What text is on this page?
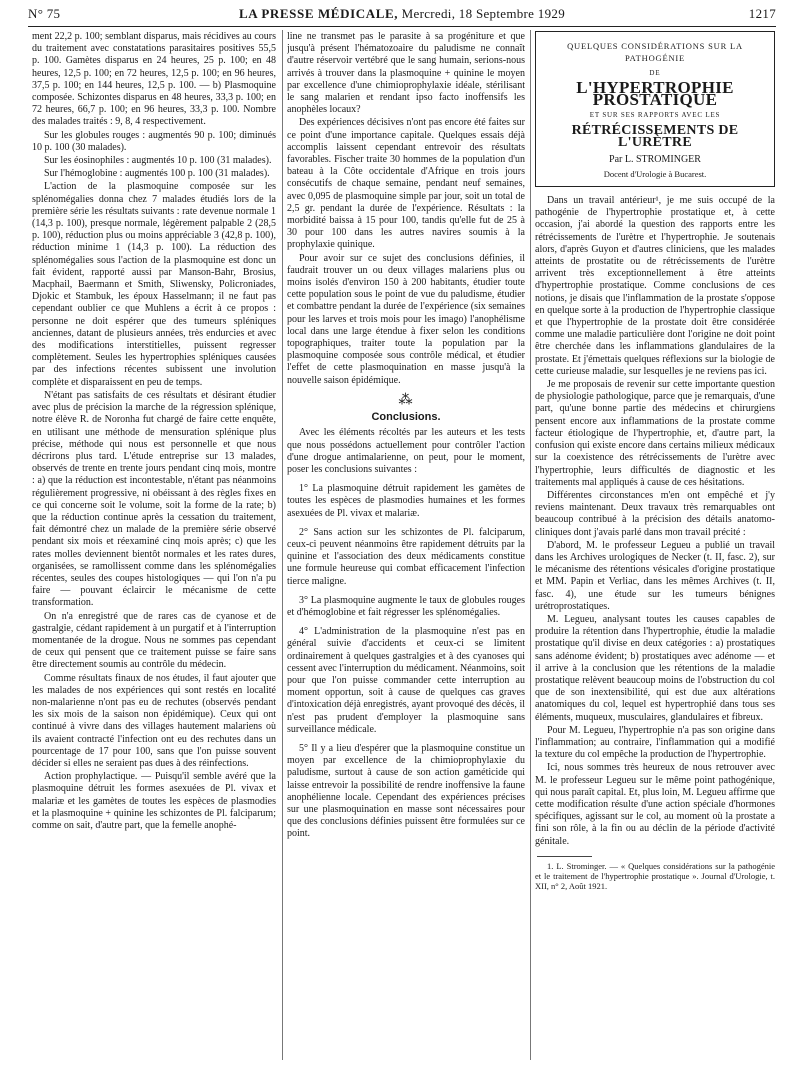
N° 75	LA PRESSE MÉDICALE, Mercredi, 18 Septembre 1929	1217

ment 22,2 p. 100; semblant disparus, mais récidives au cours du traitement avec constatations parasitaires positives 55,5 p. 100. Gamètes disparus en 24 heures, 25 p. 100; en 48 heures, 12,5 p. 100; en 72 heures, 12,5 p. 100; en 96 heures, 37,5 p. 100; en 144 heures, 12,5 p. 100. — b) Plasmoquine composée. Schizontes disparus en 48 heures, 33,3 p. 100; en 72 heures, 66,7 p. 100; en 96 heures, 33,3 p. 100. Nombre des malades traités : 9, 8, 4 respectivement.

Sur les globules rouges : augmentés 90 p. 100; diminués 10 p. 100 (30 malades).

Sur les éosinophiles : augmentés 10 p. 100 (31 malades).

Sur l'hémoglobine : augmentés 100 p. 100 (31 malades).

L'action de la plasmoquine composée sur les splénomégalies donna chez 7 malades étudiés lors de la première série les résultats suivants : rate devenue normale 1 (14,3 p. 100), presque normale, légèrement palpable 2 (28,5 p. 100), réduction plus ou moins appréciable 3 (42,8 p. 100), réduction minime 1 (14,3 p. 100). La réduction des splénomégalies sous l'action de la plasmoquine est donc un fait évident, rapporté aussi par Manson-Bahr, Brosius, Macphail, Baermann et Smith, Sliwensky, Policroniades, Djokic et Stambuk, les époux Hasselmann; il ne faut pas cependant oublier ce que Muhlens a écrit à ce propos : personne ne doit espérer que des tumeurs spléniques anciennes, datant de plusieurs années, très endurcies et avec des modifications interstitielles, puissent regresser complètement. Seules les hypertrophies spléniques causées par des infections récentes subissent une involution complète et disparaissent en peu de temps.

N'étant pas satisfaits de ces résultats et désirant étudier avec plus de précision la marche de la régression splénique, notre élève R. de Noronha fut chargé de faire cette enquête, en utilisant une méthode de mensuration splénique plus précise, méthode qui nous est personnelle et que nous décrirons plus tard. L'étude entreprise sur 13 malades, observés de trente en trente jours pendant cinq mois, montre : a) que la réduction est incontestable, n'étant pas néanmoins régulièrement progressive, ni obéissant à des règles fixes en ce qui concerne soit le volume, soit la forme de la rate; b) que la réduction continue après la cessation du traitement, fait démontré chez un malade de la première série observé pendant six mois et réexaminé cinq mois après; c) que les rates molles deviennent bientôt normales et les rates dures, organisées, se ramollissent comme dans les splénomégalies récentes, seules des coupes histologiques — qui l'on n'a pu faire — pouvant éclaircir le mécanisme de cette transformation.

On n'a enregistré que de rares cas de cyanose et de gastralgie, cédant rapidement à un purgatif et à l'interruption momentanée de la drogue. Nous ne sommes pas cependant de ceux qui pensent que ce traitement puisse se faire sans être directement soumis au contrôle du médecin.

Comme résultats finaux de nos études, il faut ajouter que les malades de nos expériences qui sont restés en localité non-malarienne n'ont pas eu de rechutes (observés pendant les six mois de la saison non épidémique). Ceux qui ont continué à vivre dans des villages hautement malariens où ils avaient contracté l'infection ont eu des rechutes dans un pourcentage de 17 pour 100, sans que l'on puisse souvent décider si elles ne seraient pas dues à des réinfections.

Action prophylactique. — Puisqu'il semble avéré que la plasmoquine détruit les formes asexuées de Pl. vivax et malariæ et les gamètes de toutes les espèces de plasmodies et la plasmoquine + quinine les schizontes de Pl. falciparum; comme on sait, d'autre part, que la femelle anophé-

line ne transmet pas le parasite à sa progéniture et que jusqu'à présent l'hématozoaire du paludisme ne connaît d'autre réservoir vertébré que le sang humain, serions-nous arrivés à trouver dans la plasmoquine + quinine le moyen par excellence d'une chimioprophylaxie idéale, stérilisant le sang malarien et rendant ipso facto inoffensifs les anophèles locaux?

Des expériences décisives n'ont pas encore été faites sur ce point d'une importance capitale. Quelques essais déjà accomplis laissent cependant entrevoir des résultats favorables. Fischer traite 30 hommes de la population d'un bateau à la Côte occidentale d'Afrique en trois jours consécutifs de chaque semaine, pendant neuf semaines, avec 0,095 de plasmoquine simple par jour, soit un total de 2,5 gr. pendant la durée de l'expérience. Résultats : la morbidité baissa à 15 pour 100, tandis qu'elle fut de 25 à 30 pour 100 dans les autres navires soumis à la prophylaxie quinique.

Pour avoir sur ce sujet des conclusions définies, il faudrait trouver un ou deux villages malariens plus ou moins isolés d'environ 150 à 200 habitants, étudier toute cette population sous le point de vue du paludisme, étudier et combattre pendant la durée de l'expérience (six semaines pour les larves et trois mois pour les imago) l'anophélisme local dans une large étendue à fixer selon les conditions topographiques, traiter toute la population par la plasmoquine composée sous contrôle médical, et étudier l'effet de cette plasmoquination en masse jusqu'à la nouvelle saison épidémique.

⁂
Conclusions.

Avec les éléments récoltés par les auteurs et les tests que nous possédons actuellement pour contrôler l'action d'une drogue antimalarienne, on peut, pour le moment, poser les conclusions suivantes :

1° La plasmoquine détruit rapidement les gamètes de toutes les espèces de plasmodies humaines et les formes asexuées de Pl. vivax et malariæ.

2° Sans action sur les schizontes de Pl. falciparum, ceux-ci peuvent néanmoins être rapidement détruits par la quinine et l'association des deux médicaments constitue une formule heureuse qui combat efficacement l'infection tierce maligne.

3° La plasmoquine augmente le taux de globules rouges et d'hémoglobine et fait régresser les splénomégalies.

4° L'administration de la plasmoquine n'est pas en général suivie d'accidents et ceux-ci se limitent ordinairement à quelques gastralgies et à des cyanoses qui cessent avec l'interruption du médicament. Néanmoins, soit pour que l'on puisse commander cette interruption au moment opportun, soit à cause de quelques cas graves d'intoxication déjà enregistrés, ayant provoqué des décès, il n'est pas prudent d'employer la plasmoquine sans surveillance médicale.

5° Il y a lieu d'espérer que la plasmoquine constitue un moyen par excellence de la chimioprophylaxie du paludisme, surtout à cause de son action gaméticide qui laisse entrevoir la possibilité de rendre inoffensive la faune anophélienne locale. Cependant des expériences précises sur une plasmoquination en masse sont nécessaires pour que des conclusions définies puissent être formulées sur ce point.

QUELQUES CONSIDÉRATIONS SUR LA PATHOGÉNIE
DE
L'HYPERTROPHIE PROSTATIQUE
ET SUR SES RAPPORTS AVEC LES
RÉTRÉCISSEMENTS DE L'URÈTRE
Par L. STROMINGER
Docent d'Urologie à Bucarest.

Dans un travail antérieur¹, je me suis occupé de la pathogénie de l'hypertrophie prostatique et, à cette occasion, j'ai abordé la question des rapports entre les rétrécissements de l'urètre et l'hypertrophie. Je soutenais alors, d'après Guyon et d'autres cliniciens, que les malades atteints de prostatite ou de rétrécissements de l'urètre arrivent très exceptionnellement à être atteints d'hypertrophie prostatique. Comme conclusions de ces notions, je disais que l'inflammation de la prostate s'oppose en quelque sorte à la production de l'hypertrophie classique et que l'hypertrophie de la prostate doit être considérée comme une maladie particulière dont l'origine ne doit point être cherchée dans les inflammations glandulaires de la prostate. Et j'émettais quelques réflexions sur la biologie de cette curieuse maladie, sur lesquelles je ne reviens pas ici.

Je me proposais de revenir sur cette importante question de physiologie pathologique, parce que je remarquais, d'une part, qu'une bonne partie des médecins et chirurgiens pensent encore aux inflammations de la prostate comme facteur étiologique de l'hypertrophie, et, d'autre part, la confusion qui existe encore dans certains milieux médicaux sur la coexistence des rétrécissements de l'urètre avec l'hypertrophie, leurs difficultés de diagnostic et les traitements mal appliqués à cause de ces hésitations.

Différentes circonstances m'en ont empêché et j'y reviens maintenant. Deux travaux très remarquables ont beaucoup contribué à la précision des détails anatomo-cliniques dont j'avais parlé dans mon travail précité :

D'abord, M. le professeur Legueu a publié un travail dans les Archives urologiques de Necker (t. II, fasc. 2), sur le mécanisme des rétentions vésicales d'origine prostatique et MM. Papin et Verliac, dans les mêmes Archives (t. II, fasc. 4), une étude sur les tumeurs bénignes urétroprostatiques.

M. Legueu, analysant toutes les causes capables de produire la rétention dans l'hypertrophie, étudie la maladie prostatique qu'il divise en deux catégories : a) prostatiques sans adénome évident; b) prostatiques avec adénome — et il arrive à la conclusion que les rétentions de la maladie prostatique relèvent beaucoup moins de l'obstruction du col que de son inextensibilité, qui est due aux altérations anatomiques du col, lequel est hypertrophié dans tous ses éléments, muqueux, musculaires, glandulaires et fibreux.

Pour M. Legueu, l'hypertrophie n'a pas son origine dans l'inflammation; au contraire, l'inflammation qui a modifié la texture du col empêche la production de l'hypertrophie.

Ici, nous sommes très heureux de nous retrouver avec M. le professeur Legueu sur le même point pathogénique, qui nous paraît capital. Et, plus loin, M. Legueu affirme que cette modification résulte d'une action spéciale d'hormones spécifiques, agissant sur le col, au moment où la prostate a fini son rôle, à la fin ou au déclin de la période d'activité génitale.

1. L. Strominger. — « Quelques considérations sur la pathogénie et le traitement de l'hypertrophie prostatique ». Journal d'Urologie, t. XII, n° 2, Août 1921.
